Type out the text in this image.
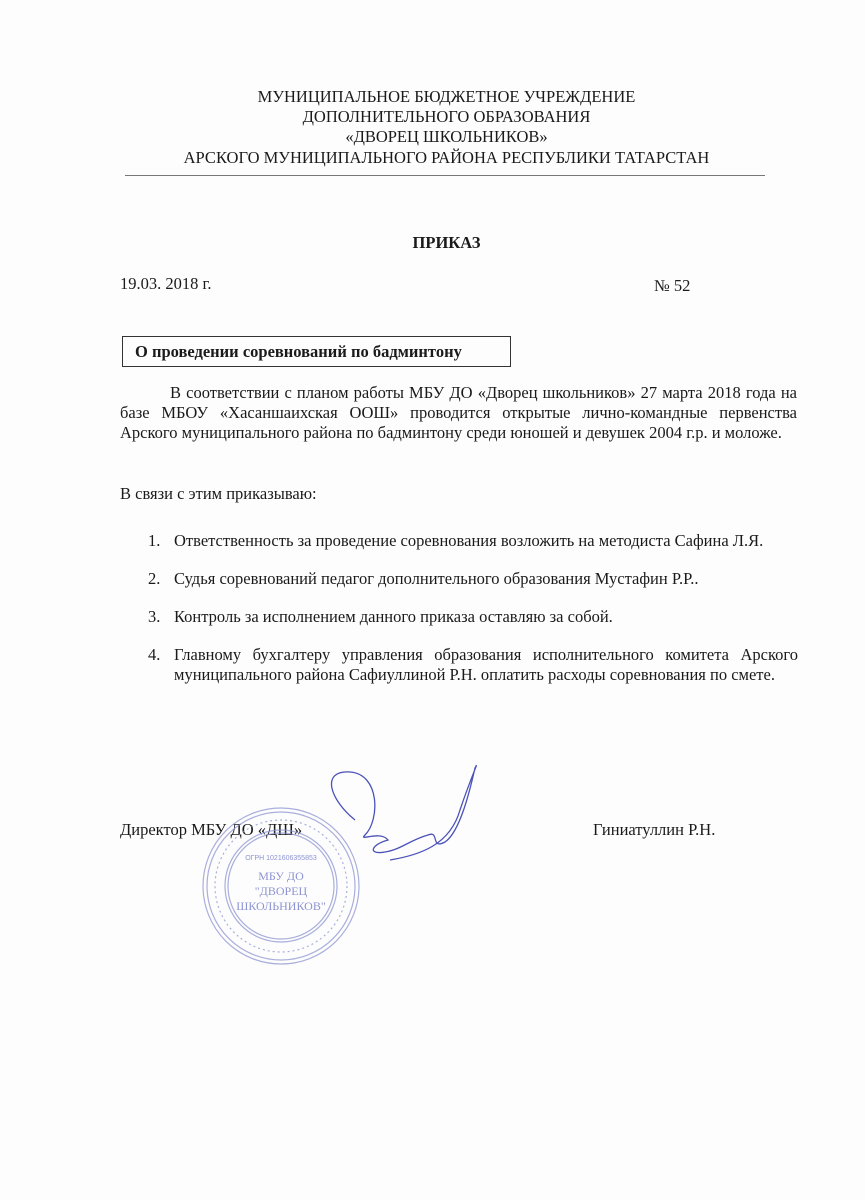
МУНИЦИПАЛЬНОЕ БЮДЖЕТНОЕ УЧРЕЖДЕНИЕ
ДОПОЛНИТЕЛЬНОГО ОБРАЗОВАНИЯ
«ДВОРЕЦ ШКОЛЬНИКОВ»
АРСКОГО МУНИЦИПАЛЬНОГО РАЙОНА РЕСПУБЛИКИ ТАТАРСТАН
ПРИКАЗ
19.03. 2018 г.	№ 52
О проведении соревнований по бадминтону
В соответствии с планом работы МБУ ДО «Дворец школьников» 27 марта 2018 года на базе МБОУ «Хасаншаихская ООШ» проводится открытые лично-командные первенства Арского муниципального района по бадминтону среди юношей и девушек 2004 г.р. и моложе.
В связи с этим приказываю:
1. Ответственность за проведение соревнования возложить на методиста Сафина Л.Я.
2. Судья соревнований педагог дополнительного образования Мустафин Р.Р..
3. Контроль за исполнением данного приказа оставляю за собой.
4. Главному бухгалтеру управления образования исполнительного комитета Арского муниципального района Сафиуллиной Р.Н. оплатить расходы соревнования по смете.
Директор МБУ ДО «ДШ»	Гиниатуллин Р.Н.
ОГРН 1021606355853
МБУ ДО
"ДВОРЕЦ
ШКОЛЬНИКОВ"
